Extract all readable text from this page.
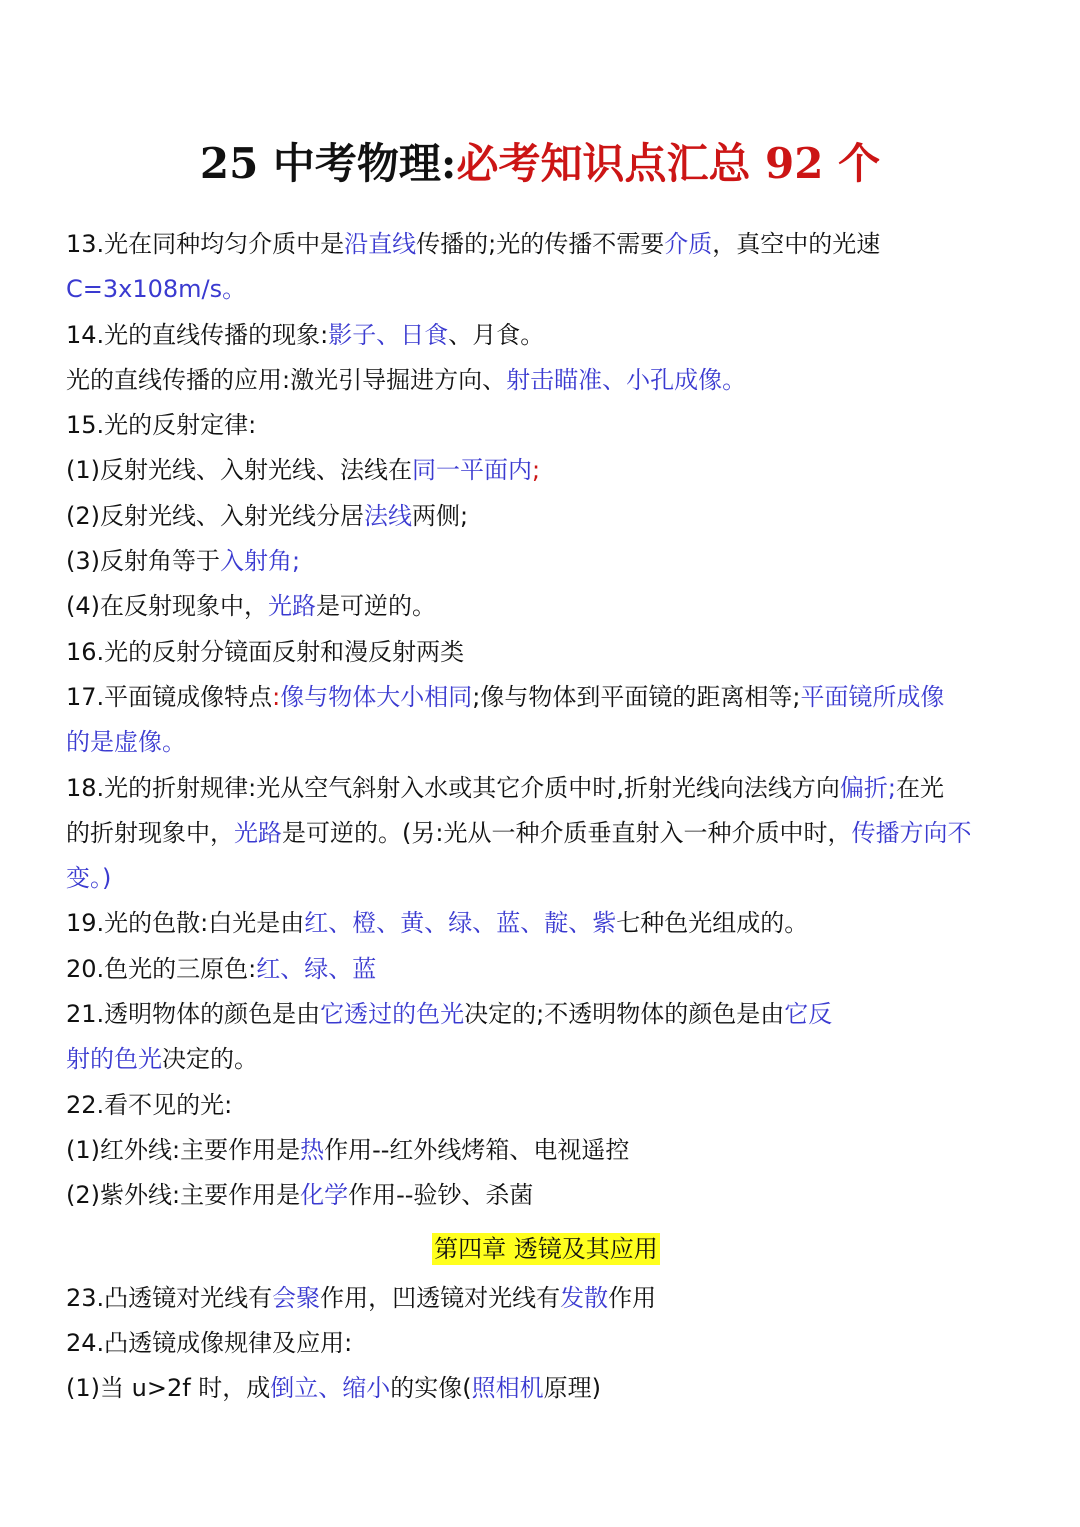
25 中考物理:必考知识点汇总 92 个
13.光在同种均匀介质中是沿直线传播的;光的传播不需要介质，真空中的光速
C=3x108m/s。
14.光的直线传播的现象:影子、日食、月食。
光的直线传播的应用:激光引导掘进方向、射击瞄准、小孔成像。
15.光的反射定律:
(1)反射光线、入射光线、法线在同一平面内;
(2)反射光线、入射光线分居法线两侧;
(3)反射角等于入射角;
(4)在反射现象中，光路是可逆的。
16.光的反射分镜面反射和漫反射两类
17.平面镜成像特点:像与物体大小相同;像与物体到平面镜的距离相等;平面镜所成像
的是虚像。
18.光的折射规律:光从空气斜射入水或其它介质中时,折射光线向法线方向偏折;在光
的折射现象中，光路是可逆的。(另:光从一种介质垂直射入一种介质中时，传播方向不
变。)
19.光的色散:白光是由红、橙、黄、绿、蓝、靛、紫七种色光组成的。
20.色光的三原色:红、绿、蓝
21.透明物体的颜色是由它透过的色光决定的;不透明物体的颜色是由它反
射的色光决定的。
22.看不见的光:
(1)红外线:主要作用是热作用--红外线烤箱、电视遥控
(2)紫外线:主要作用是化学作用--验钞、杀菌
第四章 透镜及其应用
23.凸透镜对光线有会聚作用，凹透镜对光线有发散作用
24.凸透镜成像规律及应用:
(1)当 u>2f 时，成倒立、缩小的实像(照相机原理)
